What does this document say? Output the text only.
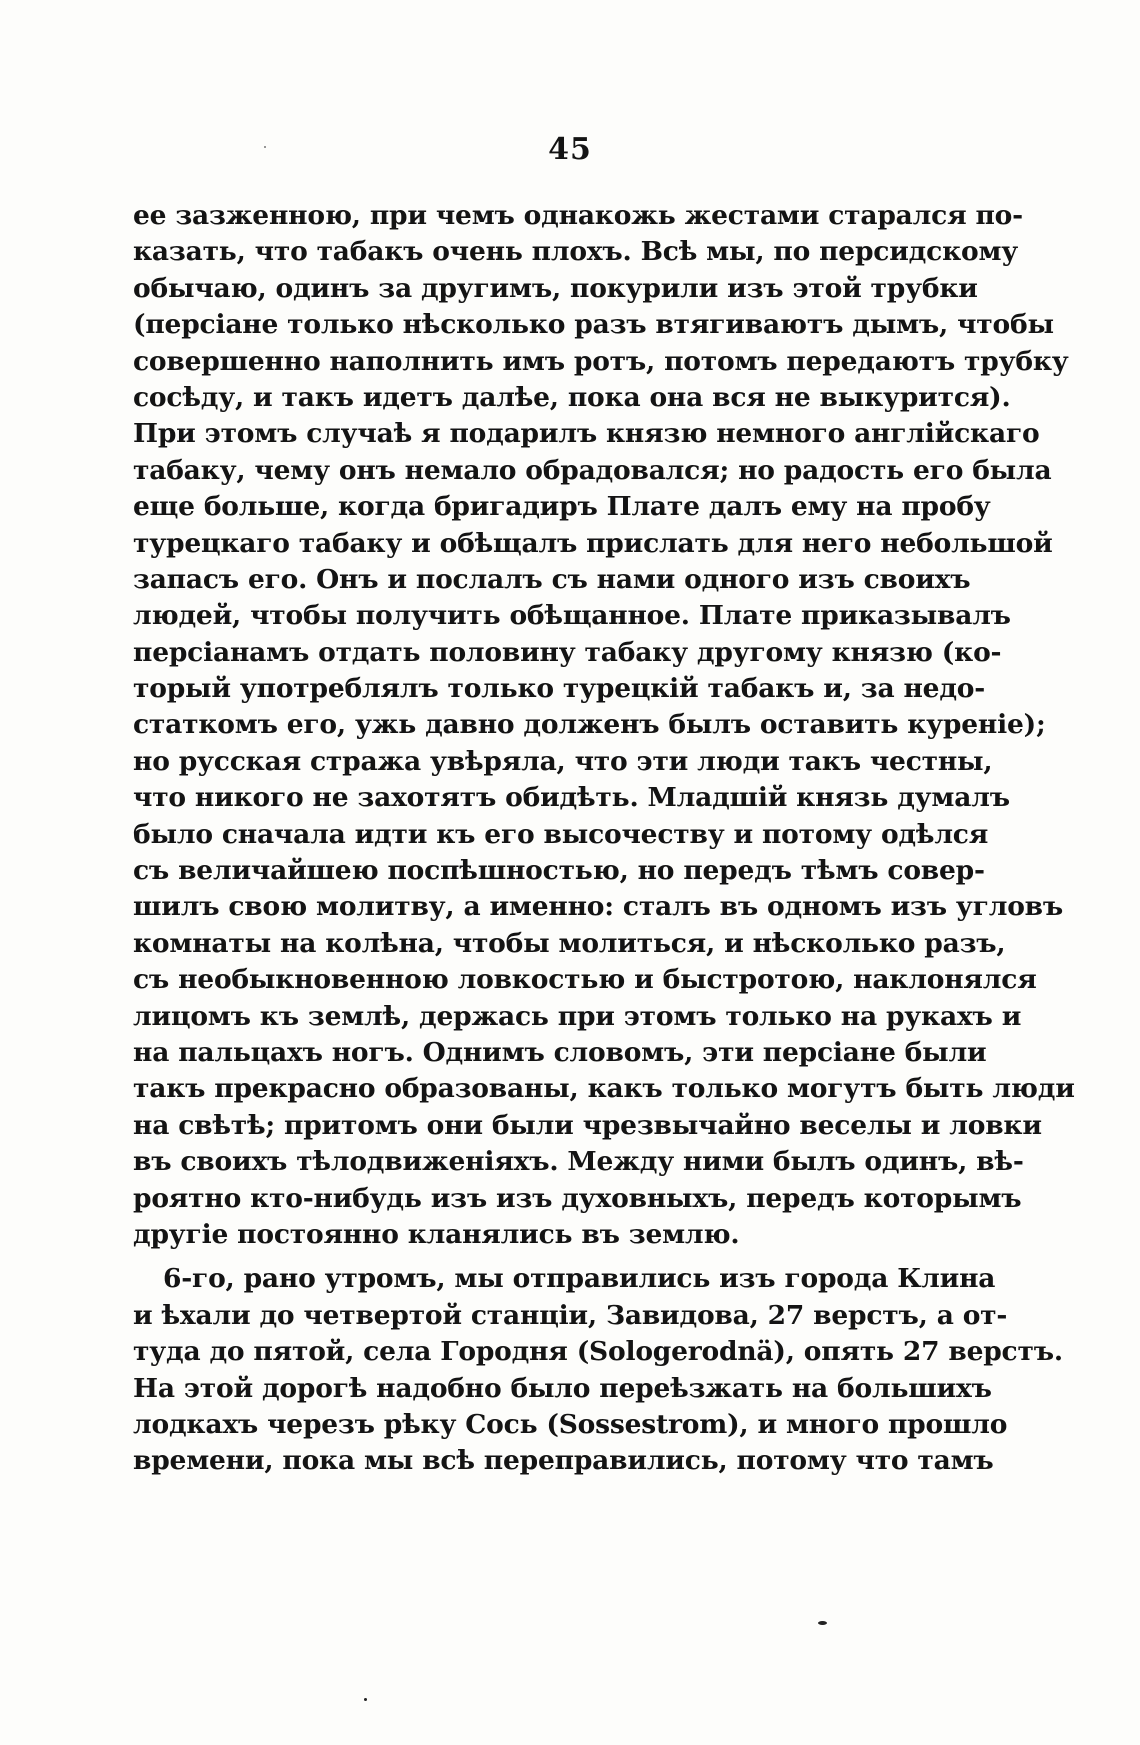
45
ее зазженною, при чемъ однакожь жестами старался по-
казать, что табакъ очень плохъ. Всѣ мы, по персидскому
обычаю, одинъ за другимъ, покурили изъ этой трубки
(персіане только нѣсколько разъ втягиваютъ дымъ, чтобы
совершенно наполнить имъ ротъ, потомъ передаютъ трубку
сосѣду, и такъ идетъ далѣе, пока она вся не выкурится).
При этомъ случаѣ я подарилъ князю немного англійскаго
табаку, чему онъ немало обрадовался; но радость его была
еще больше, когда бригадиръ Плате далъ ему на пробу
турецкаго табаку и обѣщалъ прислать для него небольшой
запасъ его. Онъ и послалъ съ нами одного изъ своихъ
людей, чтобы получить обѣщанное. Плате приказывалъ
персіанамъ отдать половину табаку другому князю (ко-
торый употреблялъ только турецкій табакъ и, за недо-
статкомъ его, ужь давно долженъ былъ оставить куреніе);
но русская стража увѣряла, что эти люди такъ честны,
что никого не захотятъ обидѣть. Младшій князь думалъ
было сначала идти къ его высочеству и потому одѣлся
съ величайшею поспѣшностью, но передъ тѣмъ совер-
шилъ свою молитву, а именно: сталъ въ одномъ изъ угловъ
комнаты на колѣна, чтобы молиться, и нѣсколько разъ,
съ необыкновенною ловкостью и быстротою, наклонялся
лицомъ къ землѣ, держась при этомъ только на рукахъ и
на пальцахъ ногъ. Однимъ словомъ, эти персіане были
такъ прекрасно образованы, какъ только могутъ быть люди
на свѣтѣ; притомъ они были чрезвычайно веселы и ловки
въ своихъ тѣлодвиженіяхъ. Между ними былъ одинъ, вѣ-
роятно кто-нибудь изъ изъ духовныхъ, передъ которымъ
другіе постоянно кланялись въ землю.
6-го, рано утромъ, мы отправились изъ города Клина
и ѣхали до четвертой станціи, Завидова, 27 верстъ, а от-
туда до пятой, села Городня (Sologerodnä), опять 27 верстъ.
На этой дорогѣ надобно было переѣзжать на большихъ
лодкахъ черезъ рѣку Сось (Sossestrom), и много прошло
времени, пока мы всѣ переправились, потому что тамъ
